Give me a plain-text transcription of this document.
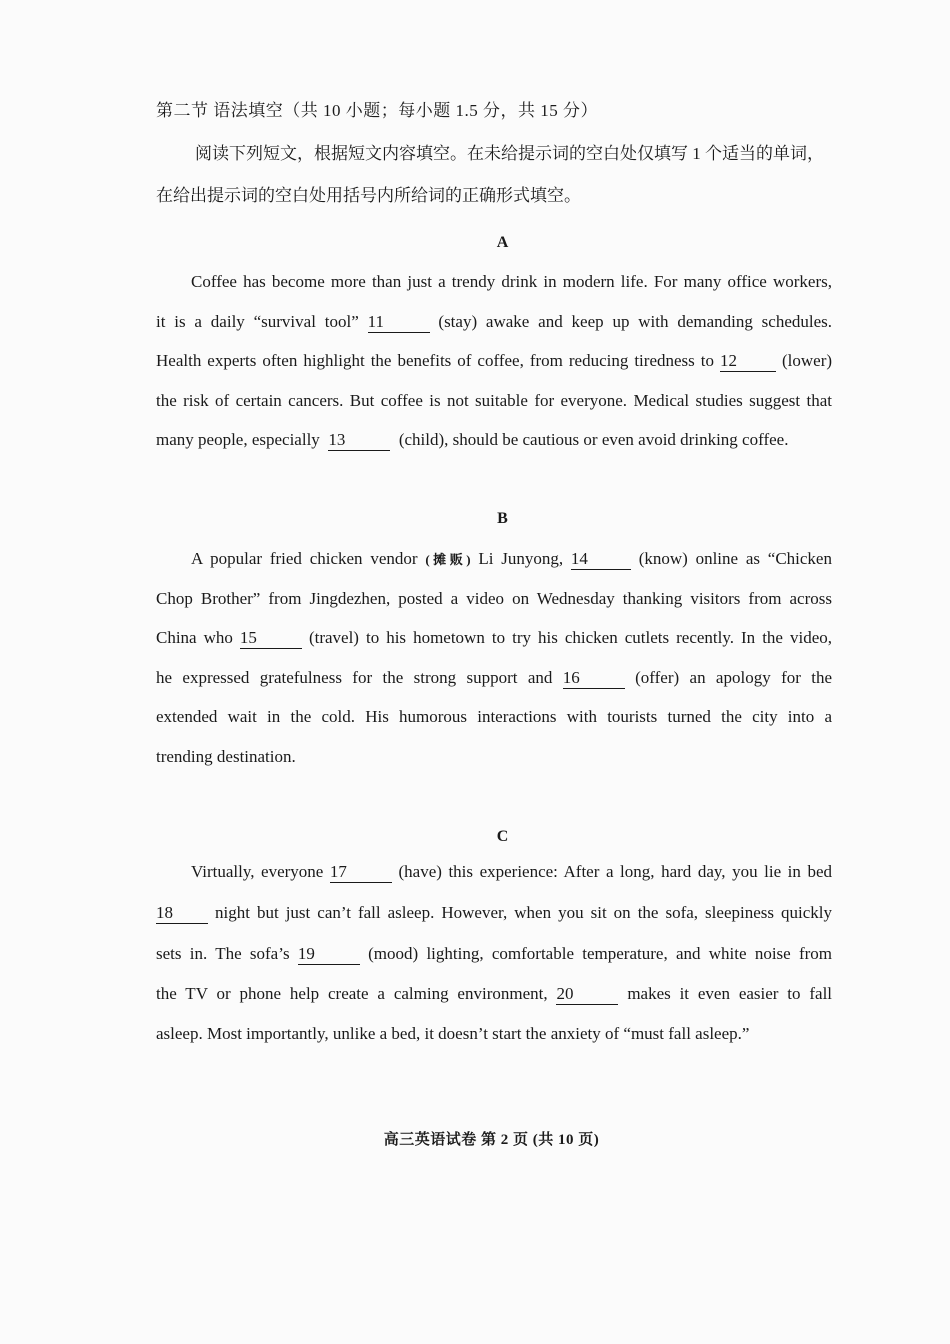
第二节 语法填空（共 10 小题；每小题 1.5 分，共 15 分）
阅读下列短文，根据短文内容填空。在未给提示词的空白处仅填写 1 个适当的单词，
在给出提示词的空白处用括号内所给词的正确形式填空。
A
Coffee has become more than just a trendy drink in modern life. For many office workers,
it is a daily “survival tool” 11	(stay) awake and keep up with demanding schedules.
Health experts often highlight the benefits of coffee, from reducing tiredness to 12	(lower)
the risk of certain cancers. But coffee is not suitable for everyone. Medical studies suggest that
many people, especially 13	(child), should be cautious or even avoid drinking coffee.
B
A popular fried chicken vendor (摊贩) Li Junyong, 14	(know) online as “Chicken
Chop Brother” from Jingdezhen, posted a video on Wednesday thanking visitors from across
China who 15	(travel) to his hometown to try his chicken cutlets recently. In the video,
he expressed gratefulness for the strong support and 16	(offer) an apology for the
extended wait in the cold. His humorous interactions with tourists turned the city into a
trending destination.
C
Virtually, everyone 17	(have) this experience: After a long, hard day, you lie in bed
18 night but just can’t fall asleep. However, when you sit on the sofa, sleepiness quickly
sets in. The sofa’s 19	(mood) lighting, comfortable temperature, and white noise from
the TV or phone help create a calming environment, 20	makes it even easier to fall
asleep. Most importantly, unlike a bed, it doesn’t start the anxiety of “must fall asleep.”
高三英语试卷 第 2 页 (共 10 页)
